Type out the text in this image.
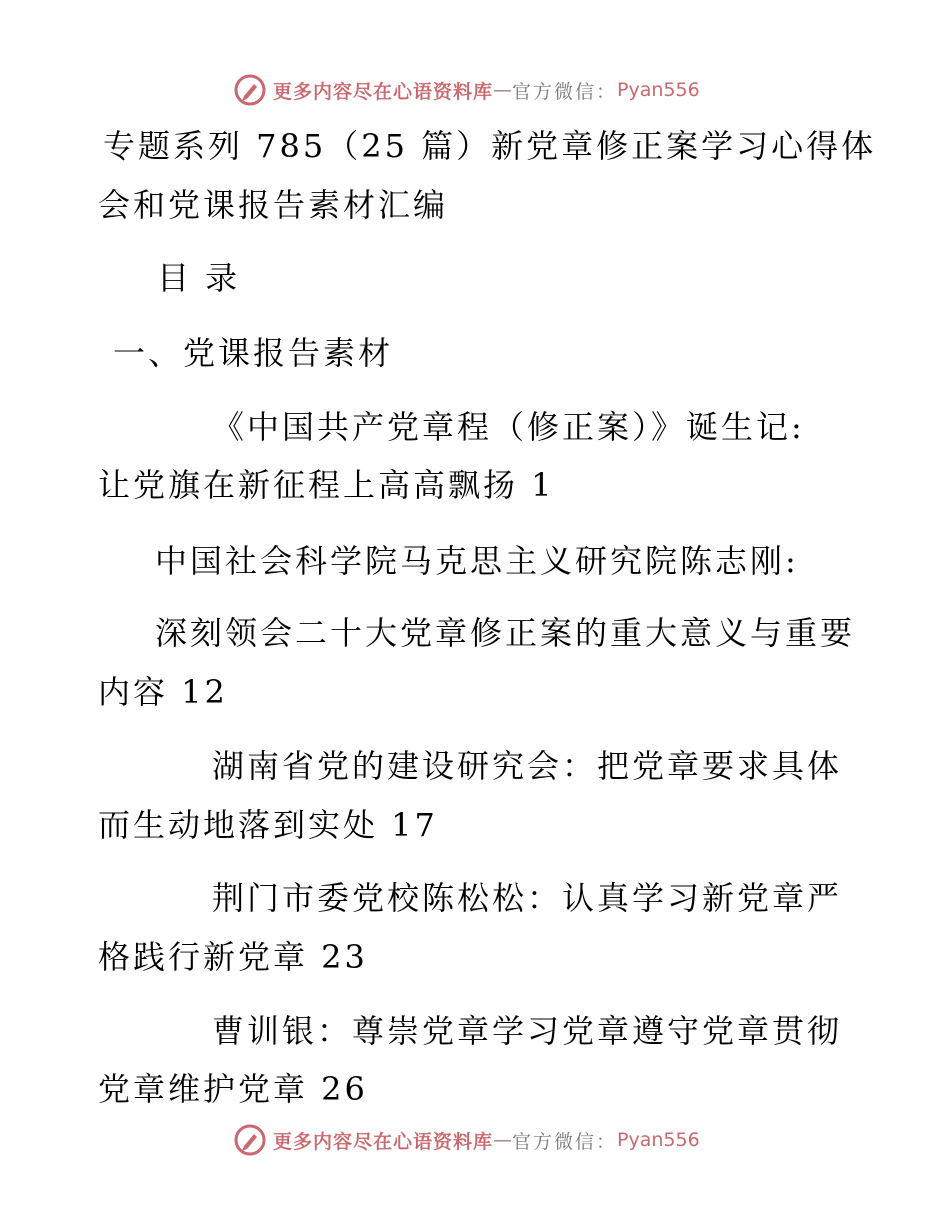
更多内容尽在心语资料库 — 官方微信： Pyan556
专题系列 785（25 篇）新党章修正案学习心得体
会和党课报告素材汇编
目 录
一、党课报告素材
《中国共产党章程（修正案）》诞生记:
让党旗在新征程上高高飘扬 1
中国社会科学院马克思主义研究院陈志刚:
深刻领会二十大党章修正案的重大意义与重要
内容 12
湖南省党的建设研究会：把党章要求具体
而生动地落到实处 17
荆门市委党校陈松松：认真学习新党章严
格践行新党章 23
曹训银：尊崇党章学习党章遵守党章贯彻
党章维护党章 26
更多内容尽在心语资料库 — 官方微信： Pyan556
